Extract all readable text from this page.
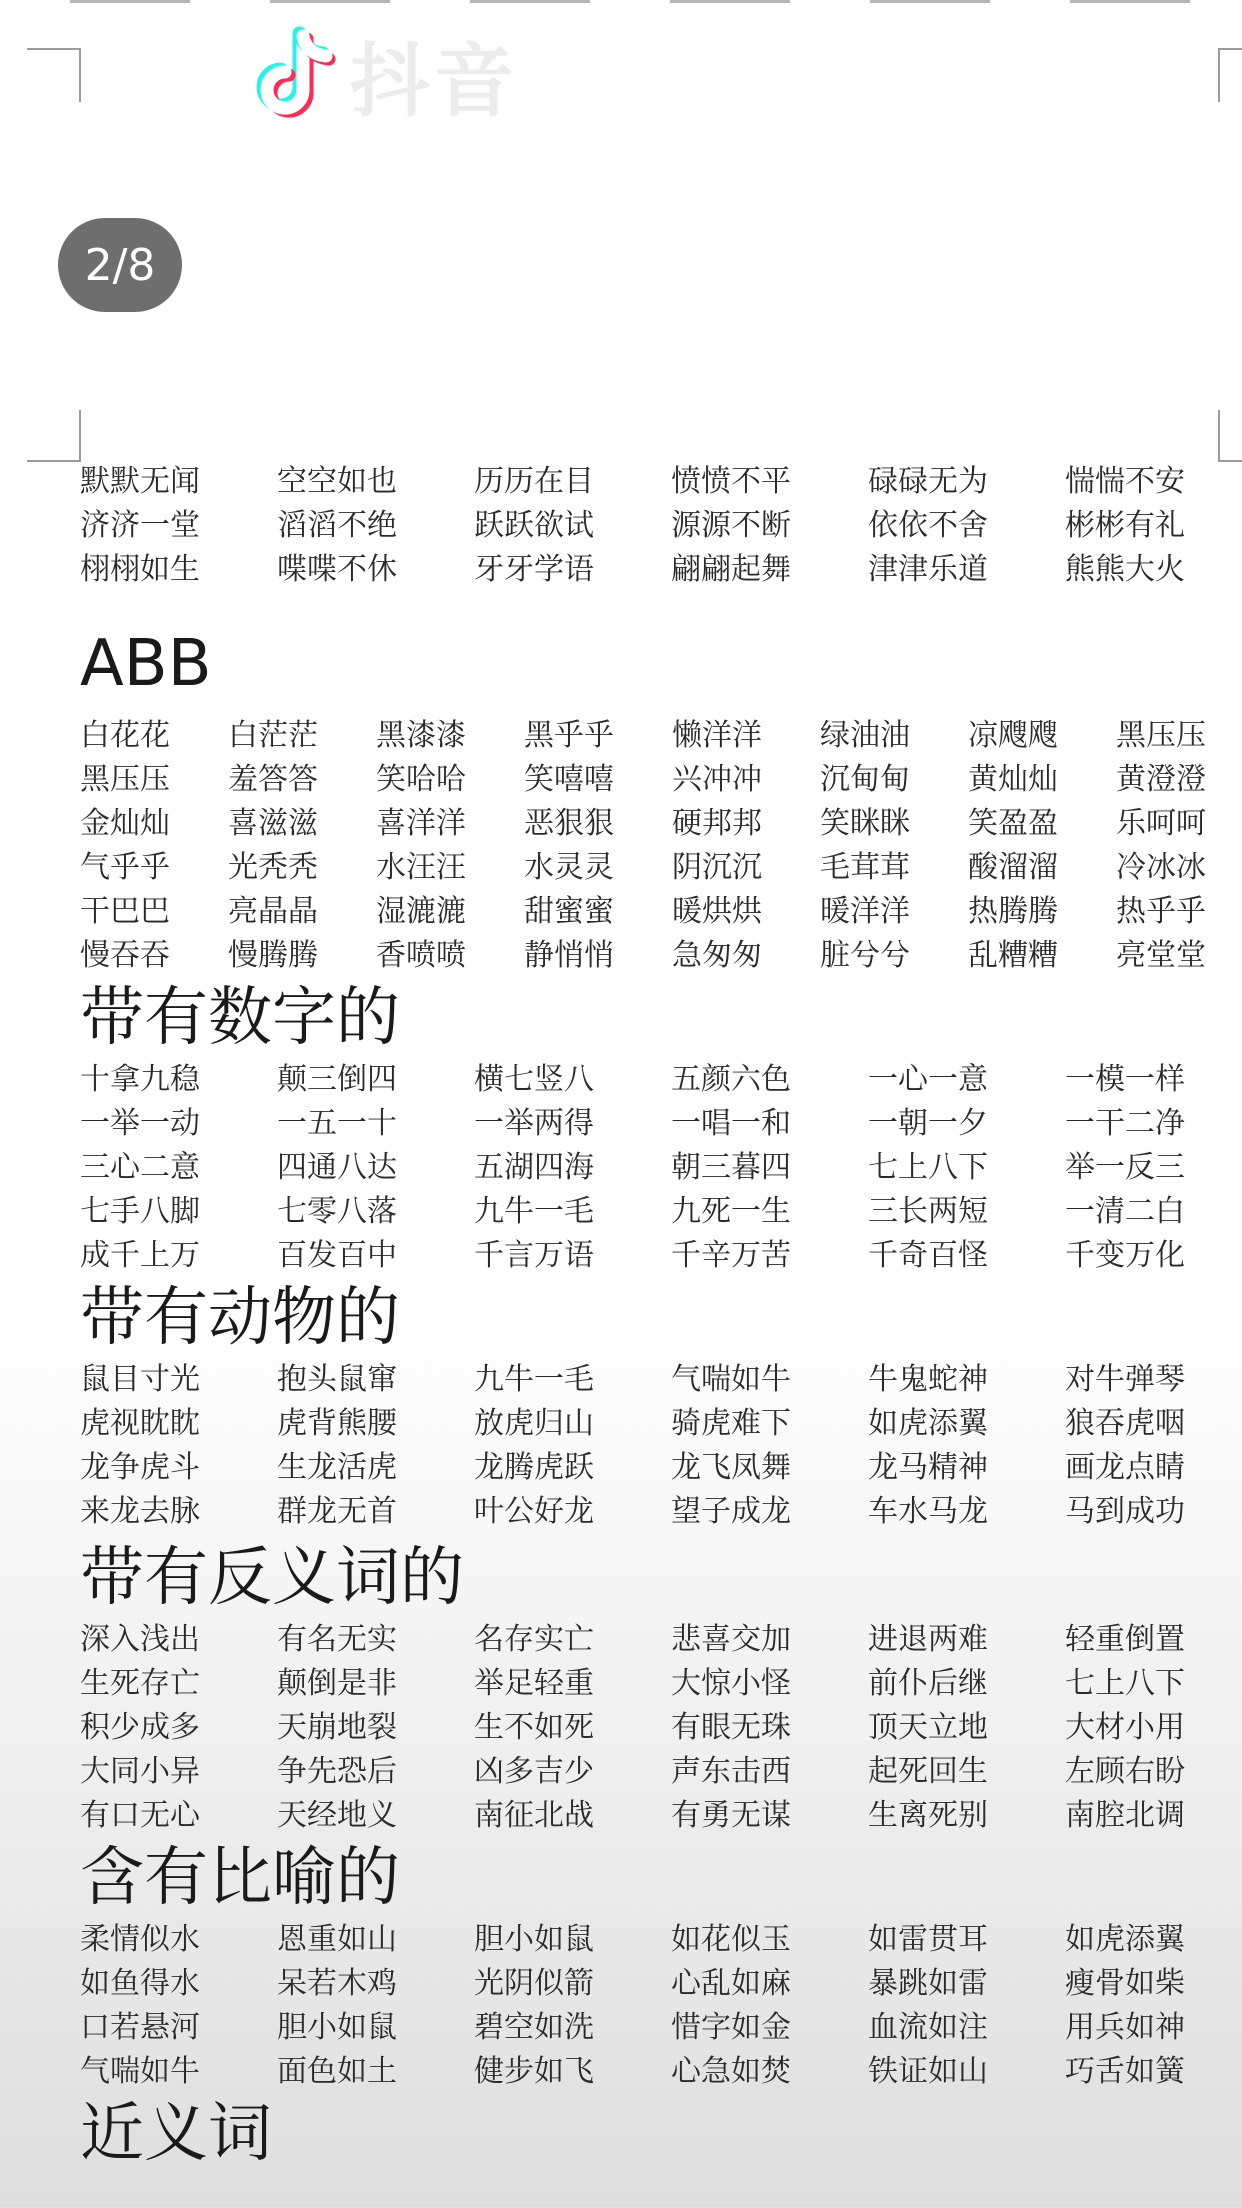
抖音
2/8
默默无闻	空空如也	历历在目	愤愤不平	碌碌无为	惴惴不安
济济一堂	滔滔不绝	跃跃欲试	源源不断	依依不舍	彬彬有礼
栩栩如生	喋喋不休	牙牙学语	翩翩起舞	津津乐道	熊熊大火
ABB
白花花	白茫茫	黑漆漆	黑乎乎	懒洋洋	绿油油	凉飕飕	黑压压
黑压压	羞答答	笑哈哈	笑嘻嘻	兴冲冲	沉甸甸	黄灿灿	黄澄澄
金灿灿	喜滋滋	喜洋洋	恶狠狠	硬邦邦	笑眯眯	笑盈盈	乐呵呵
气乎乎	光秃秃	水汪汪	水灵灵	阴沉沉	毛茸茸	酸溜溜	冷冰冰
干巴巴	亮晶晶	湿漉漉	甜蜜蜜	暖烘烘	暖洋洋	热腾腾	热乎乎
慢吞吞	慢腾腾	香喷喷	静悄悄	急匆匆	脏兮兮	乱糟糟	亮堂堂
带有数字的
十拿九稳	颠三倒四	横七竖八	五颜六色	一心一意	一模一样
一举一动	一五一十	一举两得	一唱一和	一朝一夕	一干二净
三心二意	四通八达	五湖四海	朝三暮四	七上八下	举一反三
七手八脚	七零八落	九牛一毛	九死一生	三长两短	一清二白
成千上万	百发百中	千言万语	千辛万苦	千奇百怪	千变万化
带有动物的
鼠目寸光	抱头鼠窜	九牛一毛	气喘如牛	牛鬼蛇神	对牛弹琴
虎视眈眈	虎背熊腰	放虎归山	骑虎难下	如虎添翼	狼吞虎咽
龙争虎斗	生龙活虎	龙腾虎跃	龙飞凤舞	龙马精神	画龙点睛
来龙去脉	群龙无首	叶公好龙	望子成龙	车水马龙	马到成功
带有反义词的
深入浅出	有名无实	名存实亡	悲喜交加	进退两难	轻重倒置
生死存亡	颠倒是非	举足轻重	大惊小怪	前仆后继	七上八下
积少成多	天崩地裂	生不如死	有眼无珠	顶天立地	大材小用
大同小异	争先恐后	凶多吉少	声东击西	起死回生	左顾右盼
有口无心	天经地义	南征北战	有勇无谋	生离死别	南腔北调
含有比喻的
柔情似水	恩重如山	胆小如鼠	如花似玉	如雷贯耳	如虎添翼
如鱼得水	呆若木鸡	光阴似箭	心乱如麻	暴跳如雷	瘦骨如柴
口若悬河	胆小如鼠	碧空如洗	惜字如金	血流如注	用兵如神
气喘如牛	面色如土	健步如飞	心急如焚	铁证如山	巧舌如簧
近义词
